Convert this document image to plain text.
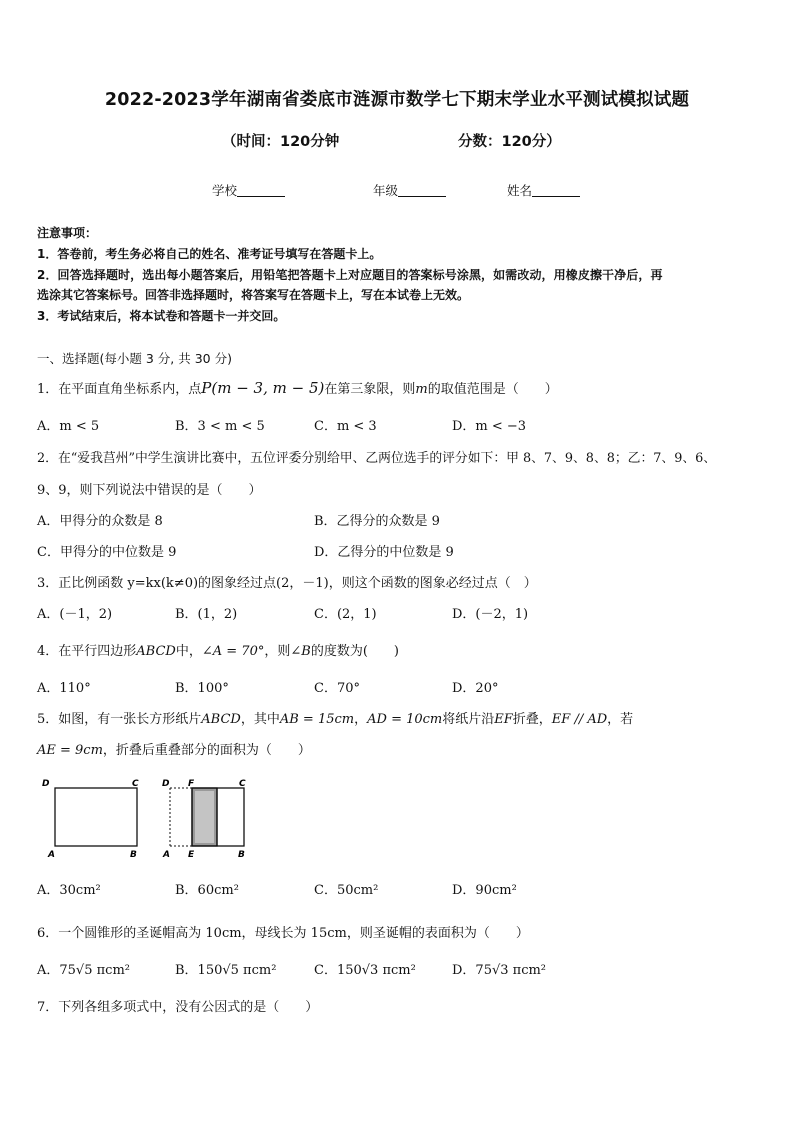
2022-2023学年湖南省娄底市涟源市数学七下期末学业水平测试模拟试题
（时间：120分钟	分数：120分）
学校	年级	姓名
注意事项：
1．答卷前，考生务必将自己的姓名、准考证号填写在答题卡上。
2．回答选择题时，选出每小题答案后，用铅笔把答题卡上对应题目的答案标号涂黑，如需改动，用橡皮擦干净后，再
选涂其它答案标号。回答非选择题时，将答案写在答题卡上，写在本试卷上无效。
3．考试结束后，将本试卷和答题卡一并交回。
一、选择题(每小题 3 分, 共 30 分)
1．在平面直角坐标系内，点P(m − 3, m − 5)在第三象限，则m的取值范围是（　　）
A．m < 5	B．3 < m < 5	C．m < 3	D．m < −3
2．在“爱我莒州”中学生演讲比赛中，五位评委分别给甲、乙两位选手的评分如下：甲 8、7、9、8、8；乙：7、9、6、
9、9，则下列说法中错误的是（　　）
A．甲得分的众数是 8	B．乙得分的众数是 9
C．甲得分的中位数是 9	D．乙得分的中位数是 9
3．正比例函数 y=kx(k≠0)的图象经过点(2，－1)，则这个函数的图象必经过点（　）
A．(－1，2)	B．(1，2)	C．(2，1)	D．(－2，1)
4．在平行四边形ABCD中，∠A = 70°，则∠B的度数为(　　)
A．110°	B．100°	C．70°	D．20°
5．如图，有一张长方形纸片ABCD，其中AB = 15cm，AD = 10cm将纸片沿EF折叠，EF // AD，若
AE = 9cm，折叠后重叠部分的面积为（　　）
D	C
A	B
D F	C
A E	B
A．30cm²	B．60cm²	C．50cm²	D．90cm²
6．一个圆锥形的圣诞帽高为 10cm，母线长为 15cm，则圣诞帽的表面积为（　　）
A．75√5 πcm²	B．150√5 πcm²	C．150√3 πcm²	D．75√3 πcm²
7．下列各组多项式中，没有公因式的是（　　）
